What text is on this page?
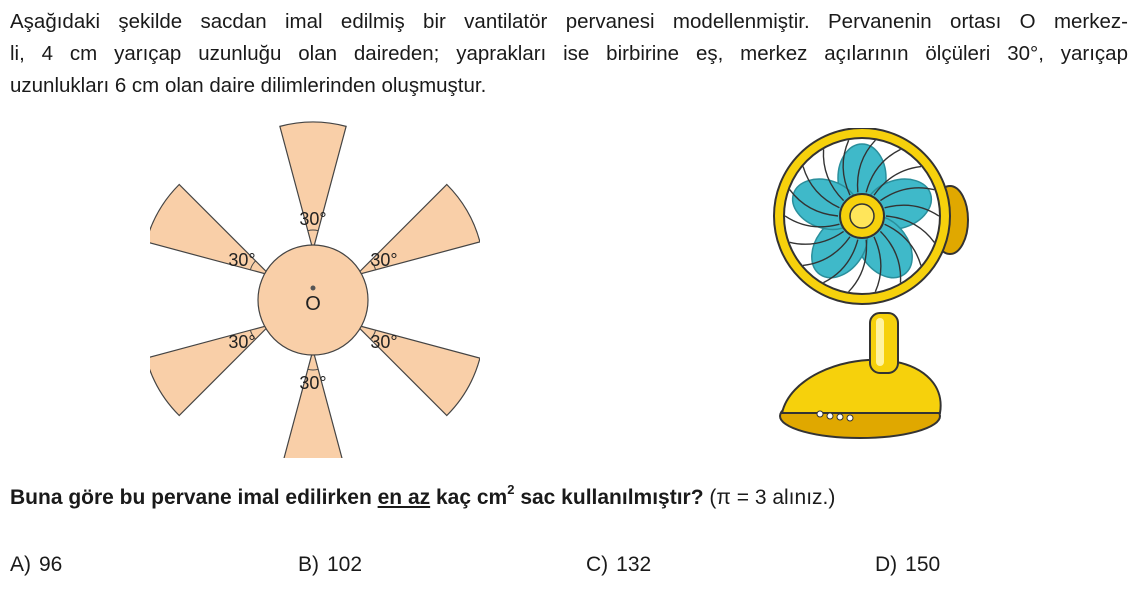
Aşağıdaki şekilde sacdan imal edilmiş bir vantilatör pervanesi modellenmiştir. Pervanenin ortası O merkez-
li, 4 cm yarıçap uzunluğu olan daireden; yaprakları ise birbirine eş, merkez açılarının ölçüleri 30°, yarıçap
uzunlukları 6 cm olan daire dilimlerinden oluşmuştur.
O
30°
30°
30°
30°
30°
30°
Buna göre bu pervane imal edilirken en az kaç $cm^2$ sac kullanılmıştır? (π = 3 alınız.)
A) 96	B) 102	C) 132	D) 150
